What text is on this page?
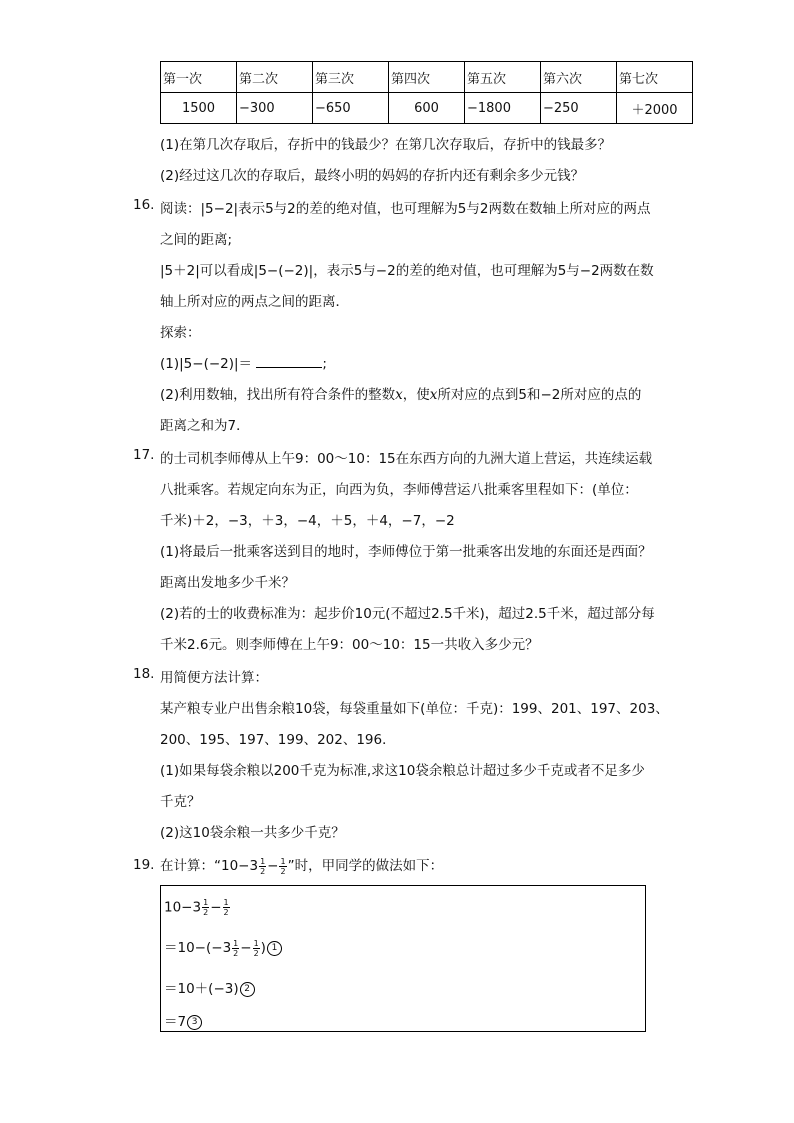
第一次	第二次	第三次	第四次	第五次	第六次	第七次
1500	−300	−650	600	−1800	−250	＋2000
(1)在第几次存取后，存折中的钱最少？在第几次存取后，存折中的钱最多？
(2)经过这几次的存取后，最终小明的妈妈的存折内还有剩余多少元钱？
16. 阅读：|5−2|表示5与2的差的绝对值，也可理解为5与2两数在数轴上所对应的两点
之间的距离;
|5＋2|可以看成|5−(−2)|，表示5与−2的差的绝对值，也可理解为5与−2两数在数
轴上所对应的两点之间的距离．
探索：
(1)|5−(−2)|＝	;
(2)利用数轴，找出所有符合条件的整数x，使x所对应的点到5和−2所对应的点的
距离之和为7．
17. 的士司机李师傅从上午9：00～10：15在东西方向的九洲大道上营运，共连续运载
八批乘客。若规定向东为正，向西为负，李师傅营运八批乘客里程如下：(单位：
千米)＋2，−3，＋3，−4，＋5，＋4，−7，−2
(1)将最后一批乘客送到目的地时，李师傅位于第一批乘客出发地的东面还是西面？
距离出发地多少千米？
(2)若的士的收费标准为：起步价10元(不超过2.5千米)，超过2.5千米，超过部分每
千米2.6元。则李师傅在上午9：00～10：15一共收入多少元？
18. 用简便方法计算：
某产粮专业户出售余粮10袋，每袋重量如下(单位：千克)：199、201、197、203、
200、195、197、199、202、196．
(1)如果每袋余粮以200千克为标准,求这10袋余粮总计超过多少千克或者不足多少
千克？
(2)这10袋余粮一共多少千克？
19. 在计算：“$10-3 \frac{1}{2} - \frac{1}{2}$ ”时，甲同学的做法如下：
$10-3 \frac{1}{2} - \frac{1}{2}$
$=10-(-3 \frac{1}{2} - \frac{1}{2}$ ) 1
＝10＋(−3) 2
＝7 3
